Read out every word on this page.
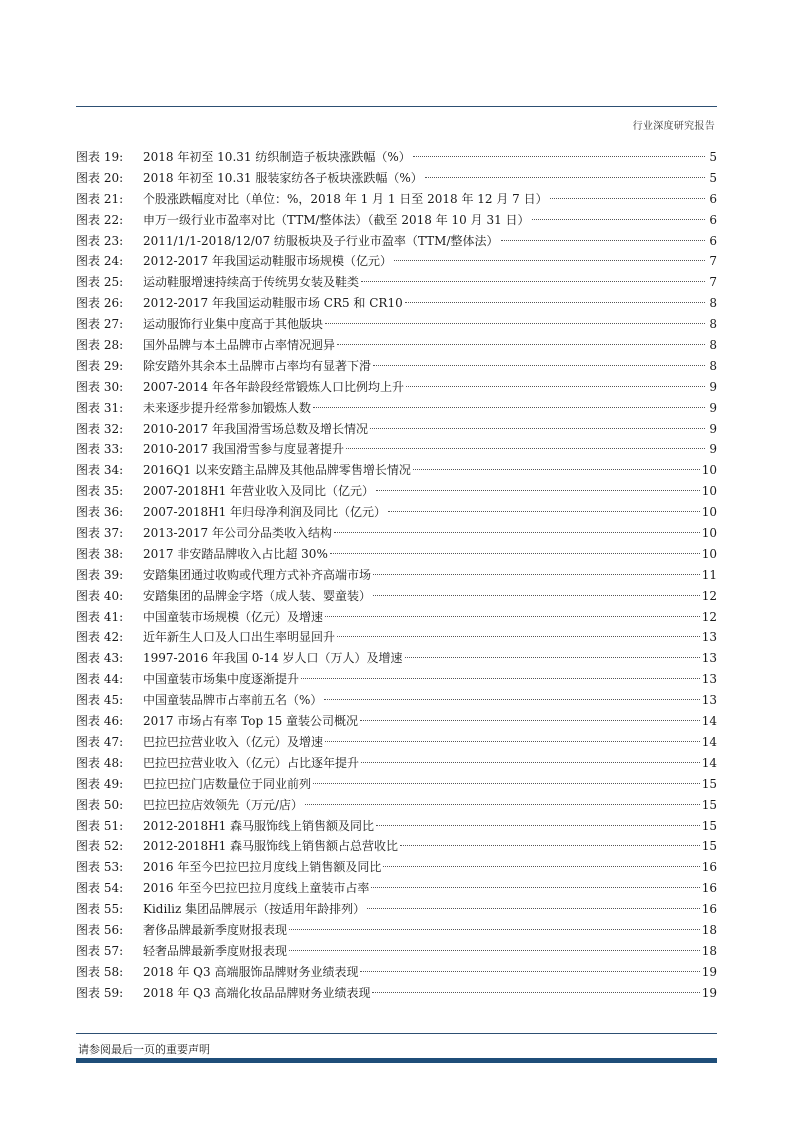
行业深度研究报告
图表 19:	2018 年初至 10.31 纺织制造子板块涨跌幅（%）	5
图表 20:	2018 年初至 10.31 服装家纺各子板块涨跌幅（%）	5
图表 21:	个股涨跌幅度对比（单位：%，2018 年 1 月 1 日至 2018 年 12 月 7 日）	6
图表 22:	申万一级行业市盈率对比（TTM/整体法）（截至 2018 年 10 月 31 日）	6
图表 23:	2011/1/1-2018/12/07 纺服板块及子行业市盈率（TTM/整体法）	6
图表 24:	2012-2017 年我国运动鞋服市场规模（亿元）	7
图表 25:	运动鞋服增速持续高于传统男女装及鞋类	7
图表 26:	2012-2017 年我国运动鞋服市场 CR5 和 CR10	8
图表 27:	运动服饰行业集中度高于其他版块	8
图表 28:	国外品牌与本土品牌市占率情况迥异	8
图表 29:	除安踏外其余本土品牌市占率均有显著下滑	8
图表 30:	2007-2014 年各年龄段经常锻炼人口比例均上升	9
图表 31:	未来逐步提升经常参加锻炼人数	9
图表 32:	2010-2017 年我国滑雪场总数及增长情况	9
图表 33:	2010-2017 我国滑雪参与度显著提升	9
图表 34:	2016Q1 以来安踏主品牌及其他品牌零售增长情况	10
图表 35:	2007-2018H1 年营业收入及同比（亿元）	10
图表 36:	2007-2018H1 年归母净利润及同比（亿元）	10
图表 37:	2013-2017 年公司分品类收入结构	10
图表 38:	2017 非安踏品牌收入占比超 30%	10
图表 39:	安踏集团通过收购或代理方式补齐高端市场	11
图表 40:	安踏集团的品牌金字塔（成人装、婴童装）	12
图表 41:	中国童装市场规模（亿元）及增速	12
图表 42:	近年新生人口及人口出生率明显回升	13
图表 43:	1997-2016 年我国 0-14 岁人口（万人）及增速	13
图表 44:	中国童装市场集中度逐渐提升	13
图表 45:	中国童装品牌市占率前五名（%）	13
图表 46:	2017 市场占有率 Top 15 童装公司概况	14
图表 47:	巴拉巴拉营业收入（亿元）及增速	14
图表 48:	巴拉巴拉营业收入（亿元）占比逐年提升	14
图表 49:	巴拉巴拉门店数量位于同业前列	15
图表 50:	巴拉巴拉店效领先（万元/店）	15
图表 51:	2012-2018H1 森马服饰线上销售额及同比	15
图表 52:	2012-2018H1 森马服饰线上销售额占总营收比	15
图表 53:	2016 年至今巴拉巴拉月度线上销售额及同比	16
图表 54:	2016 年至今巴拉巴拉月度线上童装市占率	16
图表 55:	Kidiliz 集团品牌展示（按适用年龄排列）	16
图表 56:	奢侈品牌最新季度财报表现	18
图表 57:	轻奢品牌最新季度财报表现	18
图表 58:	2018 年 Q3 高端服饰品牌财务业绩表现	19
图表 59:	2018 年 Q3 高端化妆品品牌财务业绩表现	19
请参阅最后一页的重要声明
